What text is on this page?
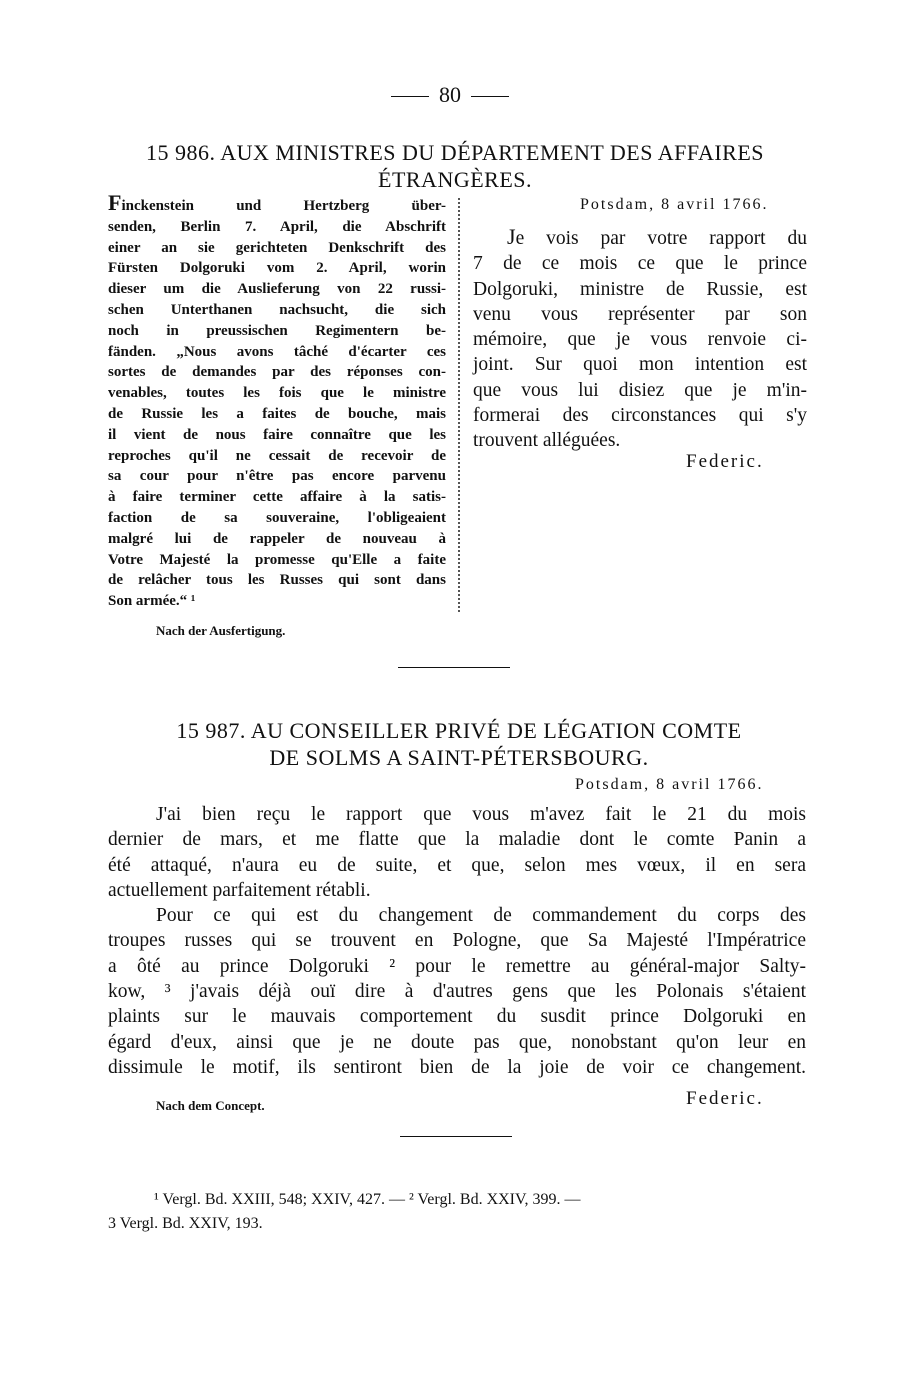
80
15 986. AUX MINISTRES DU DÉPARTEMENT DES AFFAIRES
ÉTRANGÈRES.
Finckenstein und Hertzberg über-
senden, Berlin 7. April, die Abschrift
einer an sie gerichteten Denkschrift des
Fürsten Dolgoruki vom 2. April, worin
dieser um die Auslieferung von 22 russi-
schen Unterthanen nachsucht, die sich
noch in preussischen Regimentern be-
fänden. „Nous avons tâché d'écarter ces
sortes de demandes par des réponses con-
venables, toutes les fois que le ministre
de Russie les a faites de bouche, mais
il vient de nous faire connaître que les
reproches qu'il ne cessait de recevoir de
sa cour pour n'être pas encore parvenu
à faire terminer cette affaire à la satis-
faction de sa souveraine, l'obligeaient
malgré lui de rappeler de nouveau à
Votre Majesté la promesse qu'Elle a faite
de relâcher tous les Russes qui sont dans
Son armée.“ ¹
Potsdam, 8 avril 1766.
Je vois par votre rapport du
7 de ce mois ce que le prince
Dolgoruki, ministre de Russie, est
venu vous représenter par son
mémoire, que je vous renvoie ci-
joint. Sur quoi mon intention est
que vous lui disiez que je m'in-
formerai des circonstances qui s'y
trouvent alléguées.
Federic.
Nach der Ausfertigung.
15 987. AU CONSEILLER PRIVÉ DE LÉGATION COMTE
DE SOLMS A SAINT-PÉTERSBOURG.
Potsdam, 8 avril 1766.
J'ai bien reçu le rapport que vous m'avez fait le 21 du mois
dernier de mars, et me flatte que la maladie dont le comte Panin a
été attaqué, n'aura eu de suite, et que, selon mes vœux, il en sera
actuellement parfaitement rétabli.
Pour ce qui est du changement de commandement du corps des
troupes russes qui se trouvent en Pologne, que Sa Majesté l'Impératrice
a ôté au prince Dolgoruki ² pour le remettre au général-major Salty-
kow, ³ j'avais déjà ouï dire à d'autres gens que les Polonais s'étaient
plaints sur le mauvais comportement du susdit prince Dolgoruki en
égard d'eux, ainsi que je ne doute pas que, nonobstant qu'on leur en
dissimule le motif, ils sentiront bien de la joie de voir ce changement.
Nach dem Concept.	Federic.
¹ Vergl. Bd. XXIII, 548; XXIV, 427. — ² Vergl. Bd. XXIV, 399. —
3 Vergl. Bd. XXIV, 193.
